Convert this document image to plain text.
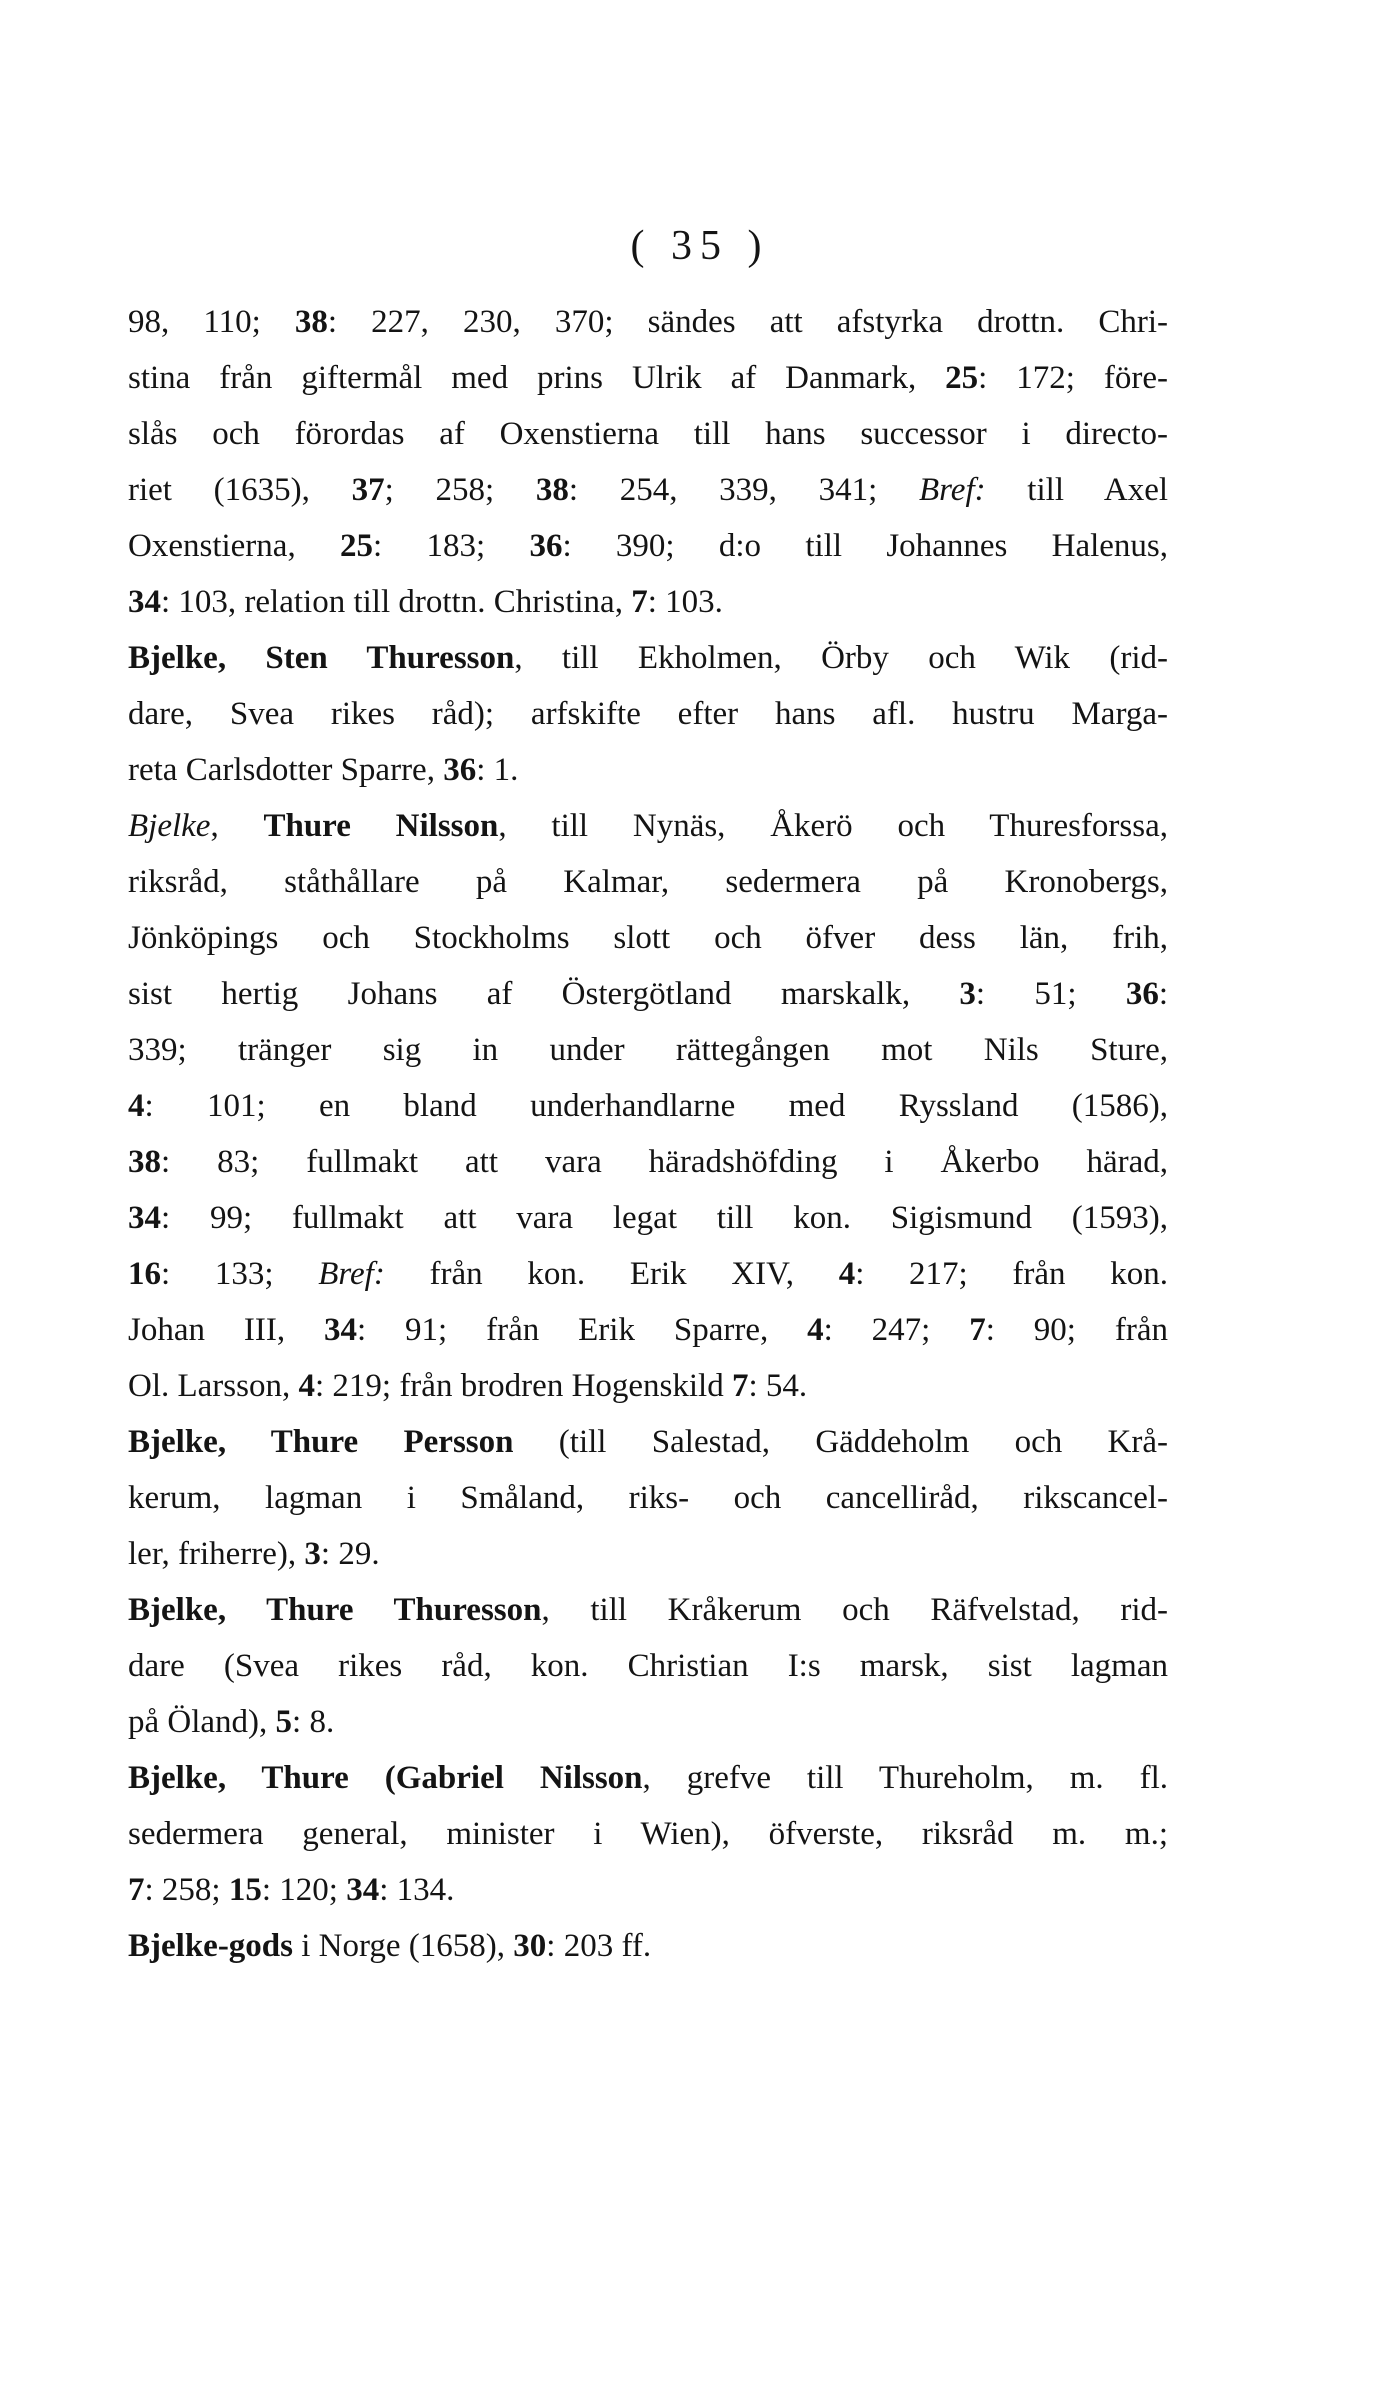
( 35 )

98, 110; 38: 227, 230, 370; sändes att afstyrka drottn. Chri-

stina från giftermål med prins Ulrik af Danmark, 25: 172; före-

slås och förordas af Oxenstierna till hans successor i directo-

riet (1635), 37; 258; 38: 254, 339, 341; Bref: till Axel

Oxenstierna, 25: 183; 36: 390; d:o till Johannes Halenus,

34: 103, relation till drottn. Christina, 7: 103.

Bjelke, Sten Thuresson, till Ekholmen, Örby och Wik (rid-

dare, Svea rikes råd); arfskifte efter hans afl. hustru Marga-

reta Carlsdotter Sparre, 36: 1.

Bjelke, Thure Nilsson, till Nynäs, Åkerö och Thuresforssa,

riksråd, ståthållare på Kalmar, sedermera på Kronobergs,

Jönköpings och Stockholms slott och öfver dess län, frih,

sist hertig Johans af Östergötland marskalk, 3: 51; 36:

339; tränger sig in under rättegången mot Nils Sture,

4: 101; en bland underhandlarne med Ryssland (1586),

38: 83; fullmakt att vara häradshöfding i Åkerbo härad,

34: 99; fullmakt att vara legat till kon. Sigismund (1593),

16: 133; Bref: från kon. Erik XIV, 4: 217; från kon.

Johan III, 34: 91; från Erik Sparre, 4: 247; 7: 90; från

Ol. Larsson, 4: 219; från brodren Hogenskild 7: 54.

Bjelke, Thure Persson (till Salestad, Gäddeholm och Krå-

kerum, lagman i Småland, riks- och cancelliråd, rikscancel-

ler, friherre), 3: 29.

Bjelke, Thure Thuresson, till Kråkerum och Räfvelstad, rid-

dare (Svea rikes råd, kon. Christian I:s marsk, sist lagman

på Öland), 5: 8.

Bjelke, Thure (Gabriel Nilsson, grefve till Thureholm, m. fl.

sedermera general, minister i Wien), öfverste, riksråd m. m.;

7: 258; 15: 120; 34: 134.

Bjelke-gods i Norge (1658), 30: 203 ff.
